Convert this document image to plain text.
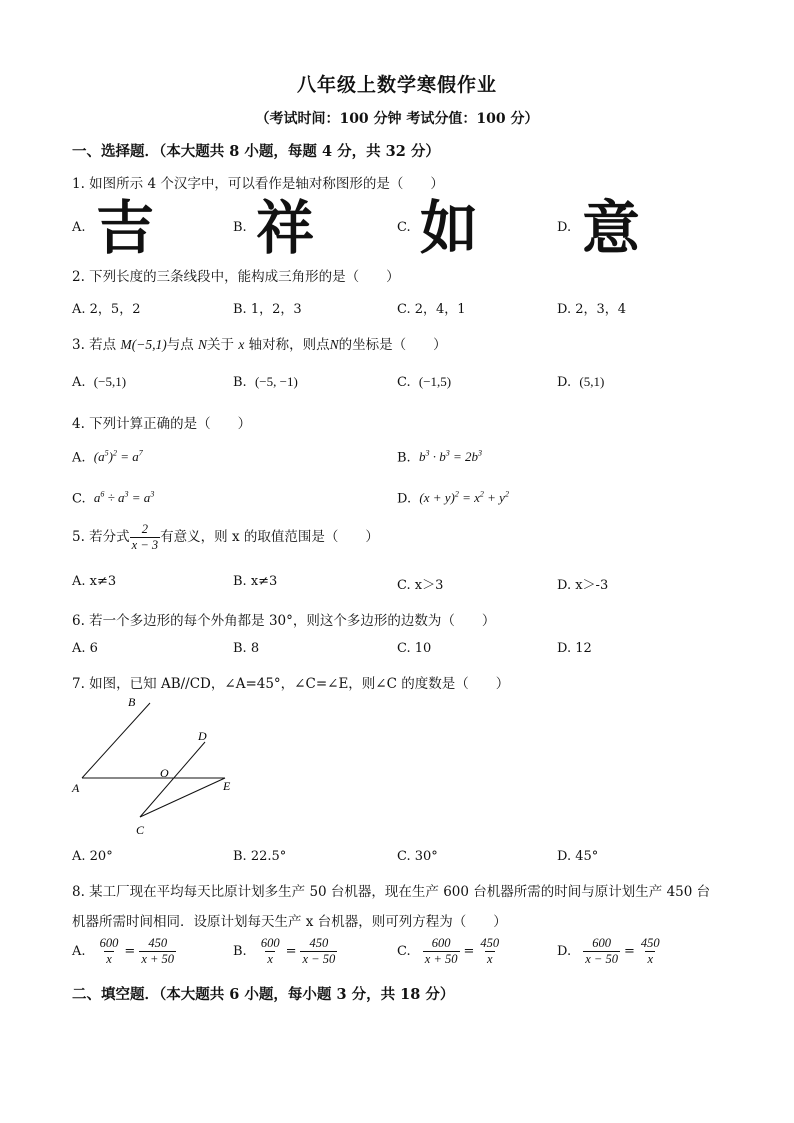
八年级上数学寒假作业
（考试时间：100 分钟 考试分值：100 分）
一、选择题．（本大题共 8 小题，每题 4 分，共 32 分）
1. 如图所示 4 个汉字中，可以看作是轴对称图形的是（　　）
A. 吉	B. 祥	C. 如	D. 意
2. 下列长度的三条线段中，能构成三角形的是（　　）
A. 2，5，2	B. 1，2，3	C. 2，4，1	D. 2，3，4
3. 若点 M(−5,1)与点 N关于 x 轴对称，则点N的坐标是（　　）
A. (−5,1)	B. (−5, −1)	C. (−1,5)	D. (5,1)
4. 下列计算正确的是（　　）
A. $(a^5)^2 = a^7$	B. $b^3 \cdot b^3 = 2b^3$
C. $a^6 \div a^3 = a^3$	D. $(x + y)^2 = x^2 + y^2$
5. 若分式 $\frac{2}{x - 3}$ 有意义，则 x 的取值范围是（　　）
A. x≠3	B. x≠3	C. x＞3	D. x＞-3
6. 若一个多边形的每个外角都是 30°，则这个多边形的边数为（　　）
A. 6	B. 8	C. 10	D. 12
7. 如图，已知 AB//CD，∠A=45°，∠C=∠E，则∠C 的度数是（　　）
B
D
O
A	E
C
A. 20°	B. 22.5°	C. 30°	D. 45°
8. 某工厂现在平均每天比原计划多生产 50 台机器，现在生产 600 台机器所需的时间与原计划生产 450 台
机器所需时间相同．设原计划每天生产 x 台机器，则可列方程为（　　）
A.
$\frac{600}{x} = \frac{450}{x + 50}$	B.
$\frac{600}{x} = \frac{450}{x - 50}$	C.
$\frac{600}{x + 50} = \frac{450}{x}$	D.
$\frac{600}{x - 50} = \frac{450}{x}$
二、填空题．（本大题共 6 小题，每小题 3 分，共 18 分）
